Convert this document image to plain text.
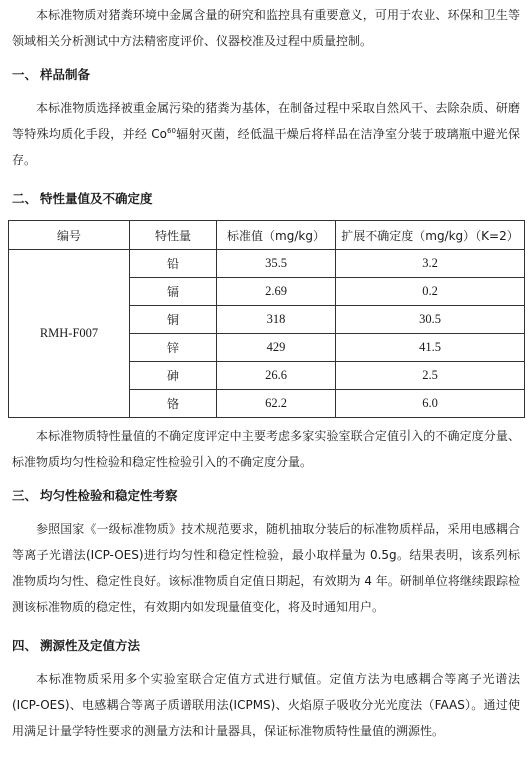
本标准物质对猪粪环境中金属含量的研究和监控具有重要意义，可用于农业、环保和卫生等领域相关分析测试中方法精密度评价、仪器校准及过程中质量控制。

一、 样品制备

本标准物质选择被重金属污染的猪粪为基体，在制备过程中采取自然风干、去除杂质、研磨等特殊均质化手段，并经 Co$^{60}$辐射灭菌，经低温干燥后将样品在洁净室分装于玻璃瓶中避光保存。

二、 特性量值及不确定度
编号	特性量	标准值（mg/kg）	扩展不确定度（mg/kg）（K=2）
RMH-F007	铅	35.5	3.2
	镉	2.69	0.2
	铜	318	30.5
	锌	429	41.5
	砷	26.6	2.5
	铬	62.2	6.0

本标准物质特性量值的不确定度评定中主要考虑多家实验室联合定值引入的不确定度分量、标准物质均匀性检验和稳定性检验引入的不确定度分量。

三、 均匀性检验和稳定性考察

参照国家《一级标准物质》技术规范要求，随机抽取分装后的标准物质样品，采用电感耦合等离子光谱法(ICP-OES)进行均匀性和稳定性检验，最小取样量为 0.5g。结果表明，该系列标准物质均匀性、稳定性良好。该标准物质自定值日期起，有效期为 4 年。研制单位将继续跟踪检测该标准物质的稳定性，有效期内如发现量值变化，将及时通知用户。

四、 溯源性及定值方法

本标准物质采用多个实验室联合定值方式进行赋值。定值方法为电感耦合等离子光谱法(ICP-OES)、电感耦合等离子质谱联用法(ICPMS)、火焰原子吸收分光光度法（FAAS）。通过使用满足计量学特性要求的测量方法和计量器具，保证标准物质特性量值的溯源性。
